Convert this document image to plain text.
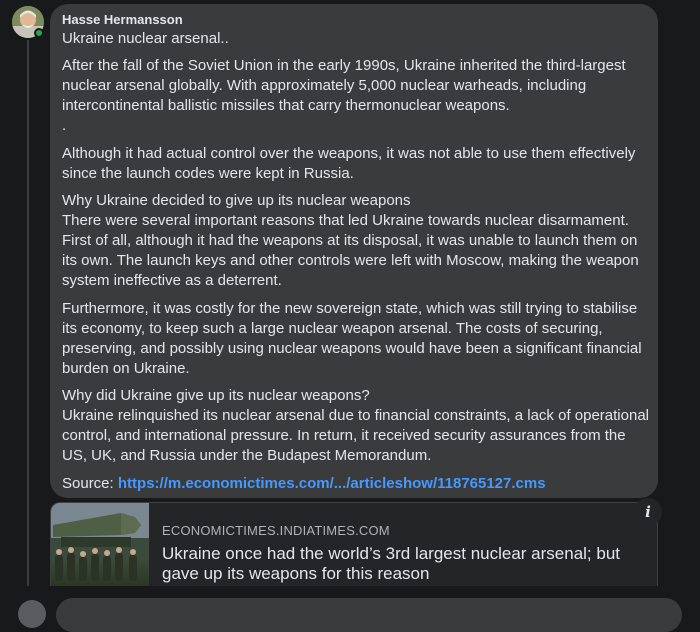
Hasse Hermansson

Ukraine nuclear arsenal..

After the fall of the Soviet Union in the early 1990s, Ukraine inherited the third-largest nuclear arsenal globally. With approximately 5,000 nuclear warheads, including intercontinental ballistic missiles that carry thermonuclear weapons.

.

Although it had actual control over the weapons, it was not able to use them effectively since the launch codes were kept in Russia.

Why Ukraine decided to give up its nuclear weapons

There were several important reasons that led Ukraine towards nuclear disarmament. First of all, although it had the weapons at its disposal, it was unable to launch them on its own. The launch keys and other controls were left with Moscow, making the weapon system ineffective as a deterrent.

Furthermore, it was costly for the new sovereign state, which was still trying to stabilise its economy, to keep such a large nuclear weapon arsenal. The costs of securing, preserving, and possibly using nuclear weapons would have been a significant financial burden on Ukraine.

Why did Ukraine give up its nuclear weapons?

Ukraine relinquished its nuclear arsenal due to financial constraints, a lack of operational control, and international pressure. In return, it received security assurances from the US, UK, and Russia under the Budapest Memorandum.

Source: https://m.economictimes.com/.../articleshow/118765127.cms

ECONOMICTIMES.INDIATIMES.COM
Ukraine once had the world’s 3rd largest nuclear arsenal; but gave up its weapons for this reason
i
